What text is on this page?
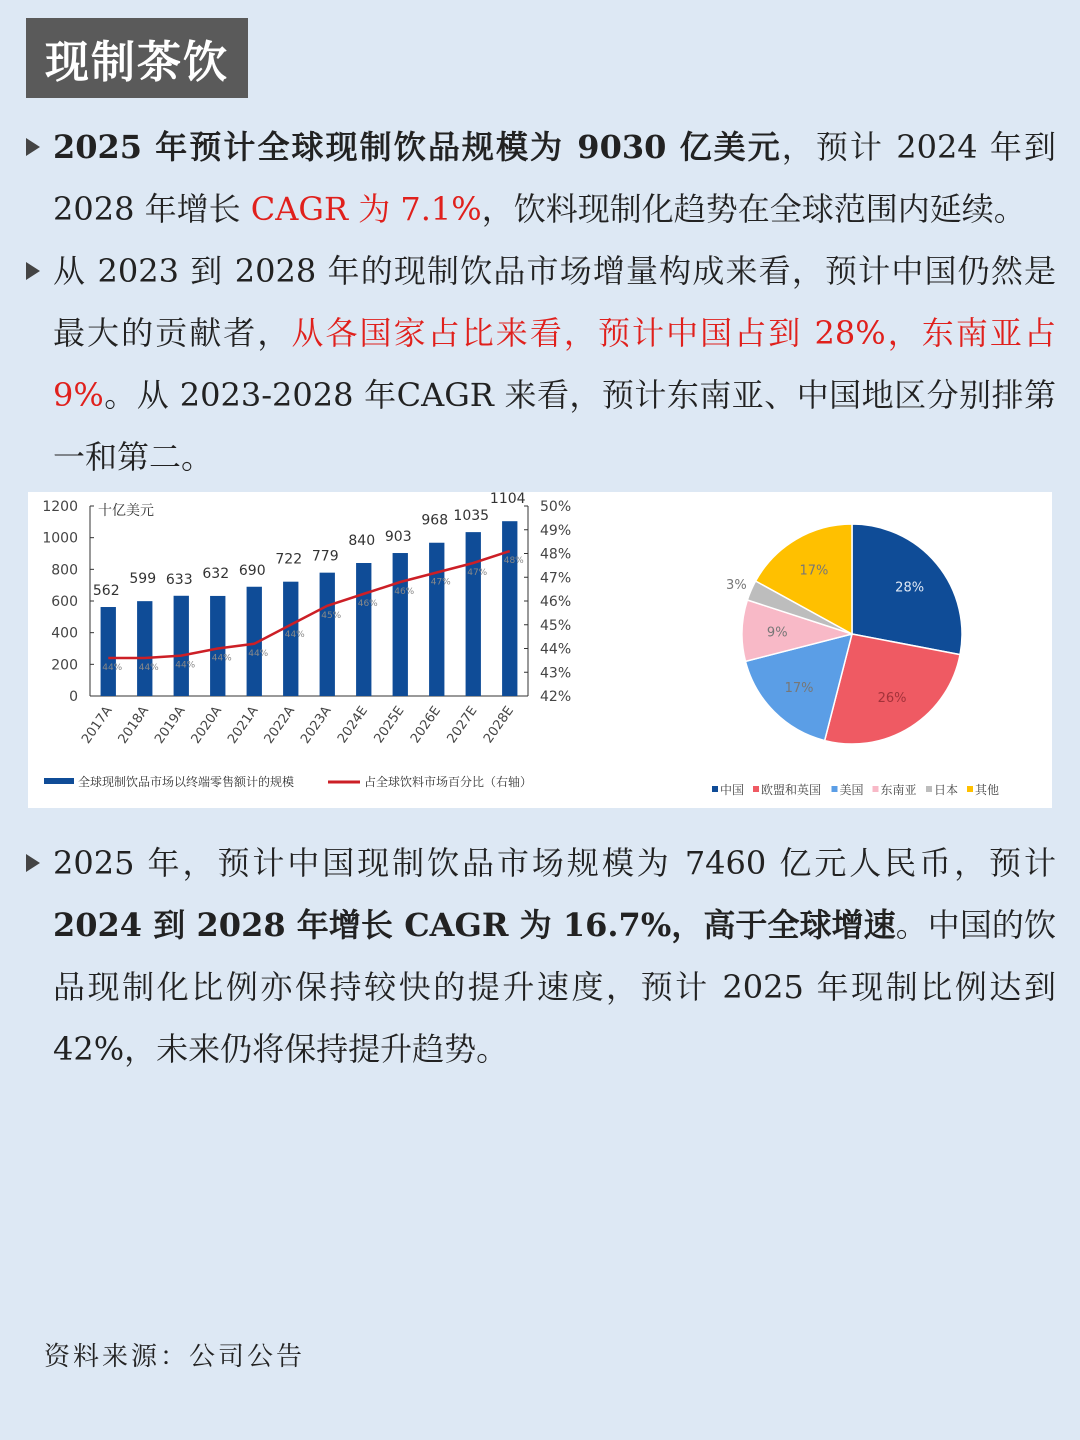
现制茶饮
2025 年预计全球现制饮品规模为 9030 亿美元，预计 2024 年到 2028 年增长 CAGR 为 7.1%，饮料现制化趋势在全球范围内延续。
从 2023 到 2028 年的现制饮品市场增量构成来看，预计中国仍然是最大的贡献者，从各国家占比来看，预计中国占到 28%，东南亚占 9%。从 2023-2028 年CAGR 来看，预计东南亚、中国地区分别排第一和第二。
1200
1000
800
600
400
200
0
十亿美元	50%
49%
48%
47%
46%
45%
44%
43%
42%
562
2017A
599
2018A
633
2019A
632
2020A
690
2021A
722
2022A
779
2023A
840
2024E
903
2025E
968
2026E
1035
2027E
1104
2028E
44% 44% 44%
44% 44%
44%
45%
46%
46%
47%
47%
48%
全球现制饮品市场以终端零售额计的规模	占全球饮料市场百分比（右轴）
28%
26%
17%
9%
3%
17%
中国 欧盟和英国 美国 东南亚 日本 其他
2025 年，预计中国现制饮品市场规模为 7460 亿元人民币，预计 2024 到 2028 年增长 CAGR 为 16.7%，高于全球增速。中国的饮品现制化比例亦保持较快的提升速度，预计 2025 年现制比例达到 42%，未来仍将保持提升趋势。
资料来源：公司公告
